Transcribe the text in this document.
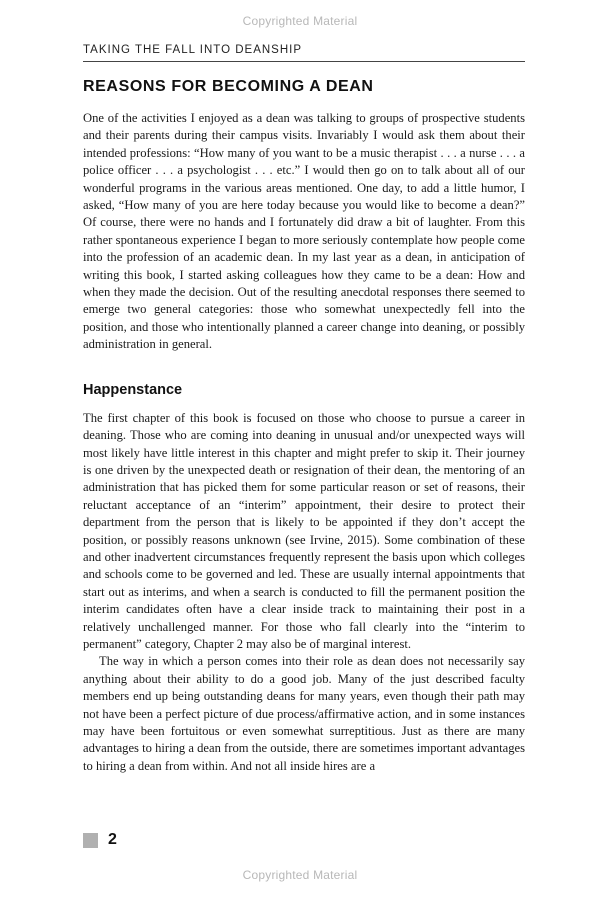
Copyrighted Material
TAKING THE FALL INTO DEANSHIP
REASONS FOR BECOMING A DEAN

One of the activities I enjoyed as a dean was talking to groups of prospective students and their parents during their campus visits. Invariably I would ask them about their intended professions: “How many of you want to be a music therapist . . . a nurse . . . a police officer . . . a psychologist . . . etc.” I would then go on to talk about all of our wonderful programs in the various areas mentioned. One day, to add a little humor, I asked, “How many of you are here today because you would like to become a dean?” Of course, there were no hands and I fortunately did draw a bit of laughter. From this rather spontaneous experience I began to more seriously contemplate how people come into the profession of an academic dean. In my last year as a dean, in anticipation of writing this book, I started asking colleagues how they came to be a dean: How and when they made the decision. Out of the resulting anecdotal responses there seemed to emerge two general categories: those who somewhat unexpectedly fell into the position, and those who intentionally planned a career change into deaning, or possibly administration in general.

Happenstance

The first chapter of this book is focused on those who choose to pursue a career in deaning. Those who are coming into deaning in unusual and/or unexpected ways will most likely have little interest in this chapter and might prefer to skip it. Their journey is one driven by the unexpected death or resignation of their dean, the mentoring of an administration that has picked them for some particular reason or set of reasons, their reluctant acceptance of an “interim” appointment, their desire to protect their department from the person that is likely to be appointed if they don’t accept the position, or possibly reasons unknown (see Irvine, 2015). Some combination of these and other inadvertent circumstances frequently represent the basis upon which colleges and schools come to be governed and led. These are usually internal appointments that start out as interims, and when a search is conducted to fill the permanent position the interim candidates often have a clear inside track to maintaining their post in a relatively unchallenged manner. For those who fall clearly into the “interim to permanent” category, Chapter 2 may also be of marginal interest.

The way in which a person comes into their role as dean does not necessarily say anything about their ability to do a good job. Many of the just described faculty members end up being outstanding deans for many years, even though their path may not have been a perfect picture of due process/affirmative action, and in some instances may have been fortuitous or even somewhat surreptitious. Just as there are many advantages to hiring a dean from the outside, there are sometimes important advantages to hiring a dean from within. And not all inside hires are a

2
Copyrighted Material
